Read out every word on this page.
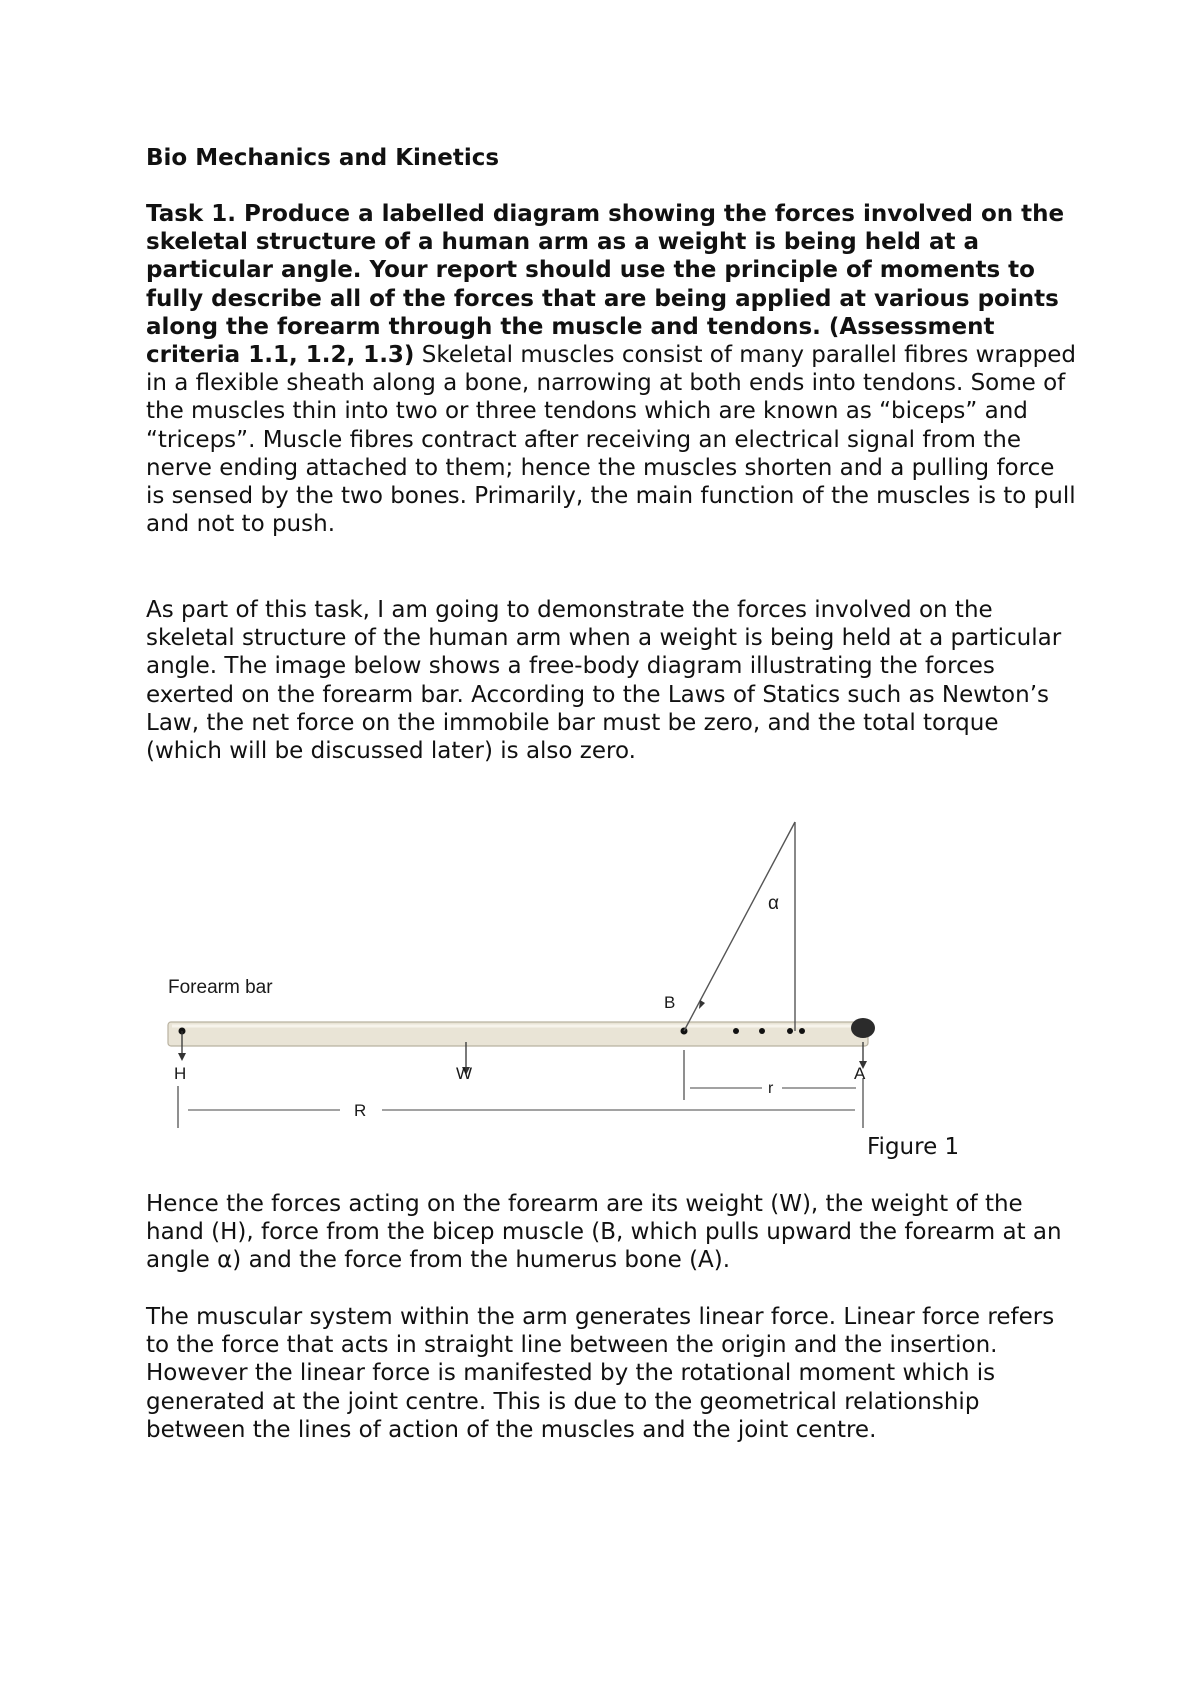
Bio Mechanics and Kinetics
Task 1. Produce a labelled diagram showing the forces involved on the skeletal structure of a human arm as a weight is being held at a particular angle. Your report should use the principle of moments to fully describe all of the forces that are being applied at various points along the forearm through the muscle and tendons. (Assessment criteria 1.1, 1.2, 1.3) Skeletal muscles consist of many parallel fibres wrapped in a flexible sheath along a bone, narrowing at both ends into tendons. Some of the muscles thin into two or three tendons which are known as “biceps” and “triceps”. Muscle fibres contract after receiving an electrical signal from the nerve ending attached to them; hence the muscles shorten and a pulling force is sensed by the two bones. Primarily, the main function of the muscles is to pull and not to push.
As part of this task, I am going to demonstrate the forces involved on the skeletal structure of the human arm when a weight is being held at a particular angle. The image below shows a free-body diagram illustrating the forces exerted on the forearm bar. According to the Laws of Statics such as Newton’s Law, the net force on the immobile bar must be zero, and the total torque (which will be discussed later) is also zero.
Forearm bar
B
α
H	W	A
R
r
Figure 1
Hence the forces acting on the forearm are its weight (W), the weight of the hand (H), force from the bicep muscle (B, which pulls upward the forearm at an angle α) and the force from the humerus bone (A).
The muscular system within the arm generates linear force. Linear force refers to the force that acts in straight line between the origin and the insertion. However the linear force is manifested by the rotational moment which is generated at the joint centre. This is due to the geometrical relationship between the lines of action of the muscles and the joint centre.
